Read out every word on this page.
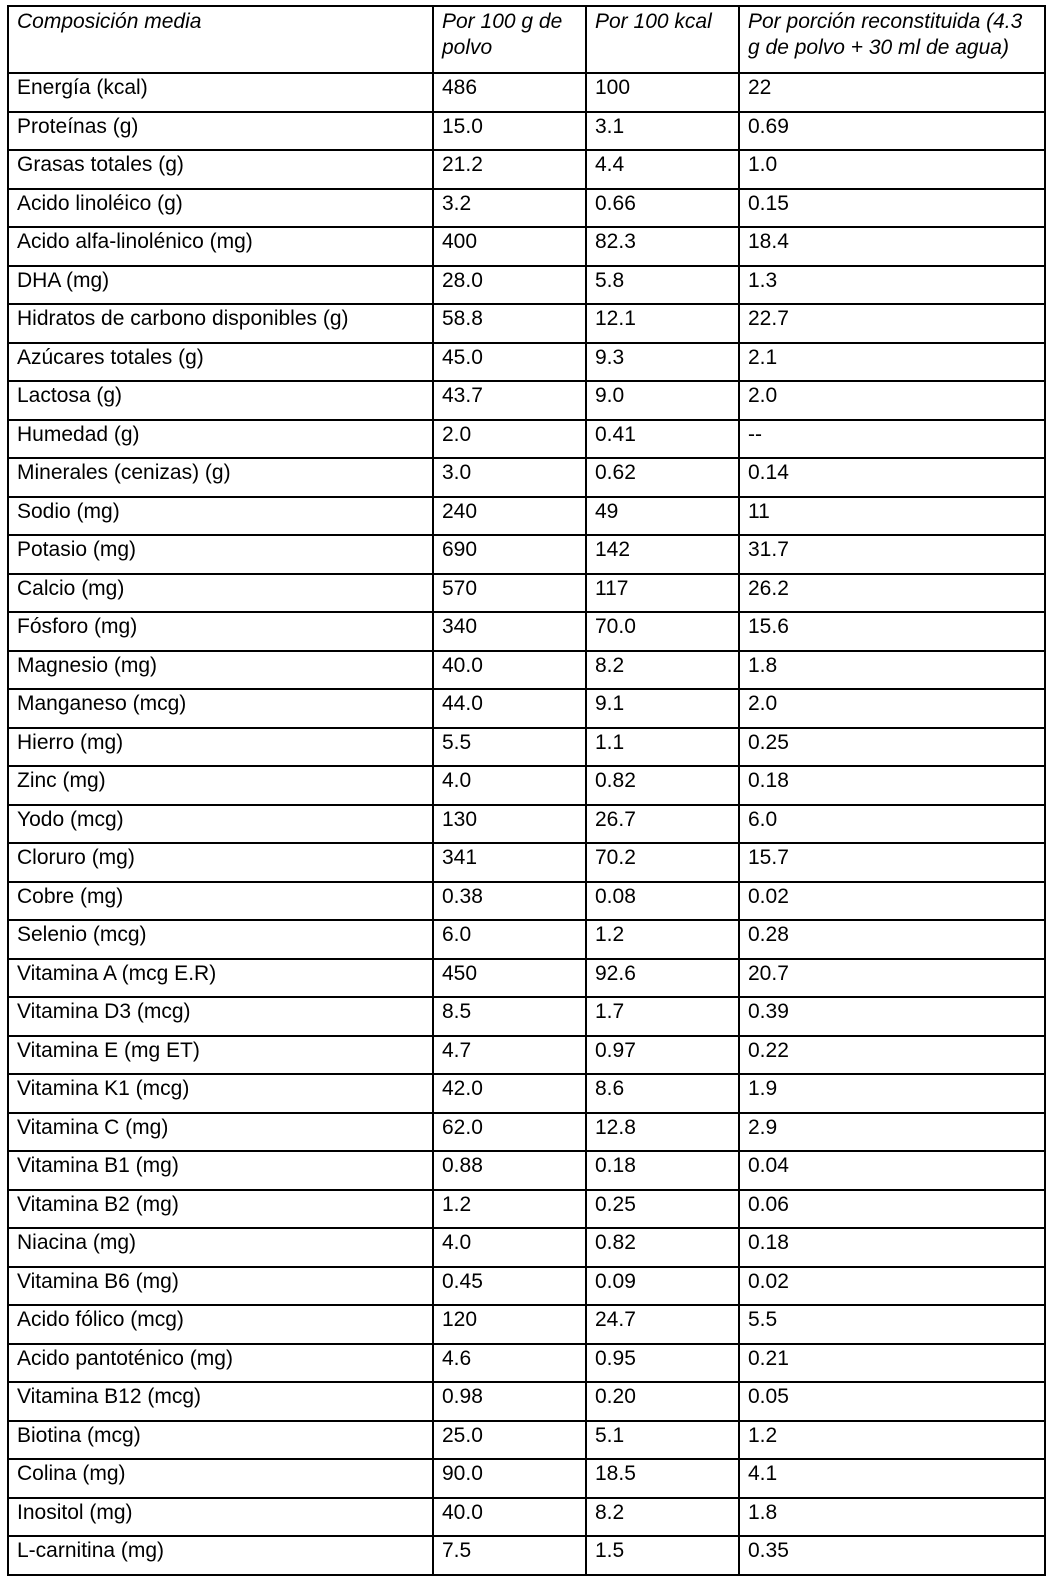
Composición media	Por 100 g de polvo	Por 100 kcal	Por porción reconstituida (4.3 g de polvo + 30 ml de agua)
Energía (kcal)	486	100	22
Proteínas (g)	15.0	3.1	0.69
Grasas totales (g)	21.2	4.4	1.0
Acido linoléico (g)	3.2	0.66	0.15
Acido alfa-linolénico (mg)	400	82.3	18.4
DHA (mg)	28.0	5.8	1.3
Hidratos de carbono disponibles (g)	58.8	12.1	22.7
Azúcares totales (g)	45.0	9.3	2.1
Lactosa (g)	43.7	9.0	2.0
Humedad (g)	2.0	0.41	--
Minerales (cenizas) (g)	3.0	0.62	0.14
Sodio (mg)	240	49	11
Potasio (mg)	690	142	31.7
Calcio (mg)	570	117	26.2
Fósforo (mg)	340	70.0	15.6
Magnesio (mg)	40.0	8.2	1.8
Manganeso (mcg)	44.0	9.1	2.0
Hierro (mg)	5.5	1.1	0.25
Zinc (mg)	4.0	0.82	0.18
Yodo (mcg)	130	26.7	6.0
Cloruro (mg)	341	70.2	15.7
Cobre (mg)	0.38	0.08	0.02
Selenio (mcg)	6.0	1.2	0.28
Vitamina A (mcg E.R)	450	92.6	20.7
Vitamina D3 (mcg)	8.5	1.7	0.39
Vitamina E (mg ET)	4.7	0.97	0.22
Vitamina K1 (mcg)	42.0	8.6	1.9
Vitamina C (mg)	62.0	12.8	2.9
Vitamina B1 (mg)	0.88	0.18	0.04
Vitamina B2 (mg)	1.2	0.25	0.06
Niacina (mg)	4.0	0.82	0.18
Vitamina B6 (mg)	0.45	0.09	0.02
Acido fólico (mcg)	120	24.7	5.5
Acido pantoténico (mg)	4.6	0.95	0.21
Vitamina B12 (mcg)	0.98	0.20	0.05
Biotina (mcg)	25.0	5.1	1.2
Colina (mg)	90.0	18.5	4.1
Inositol (mg)	40.0	8.2	1.8
L-carnitina (mg)	7.5	1.5	0.35
